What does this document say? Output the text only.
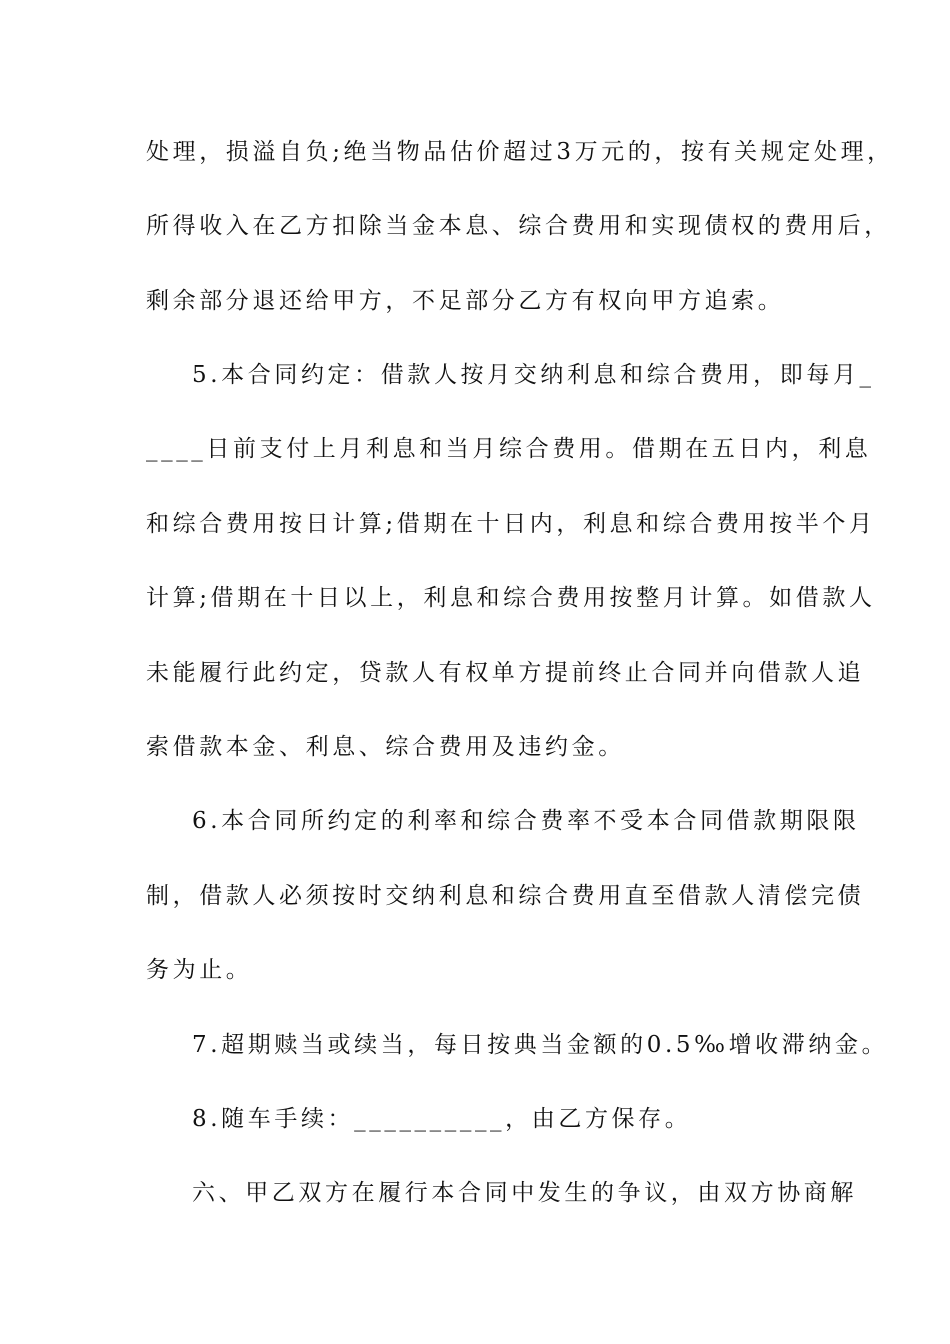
处理，损溢自负;绝当物品估价超过3万元的，按有关规定处理，
所得收入在乙方扣除当金本息、综合费用和实现债权的费用后，
剩余部分退还给甲方，不足部分乙方有权向甲方追索。
5.本合同约定：借款人按月交纳利息和综合费用，即每月_
____日前支付上月利息和当月综合费用。借期在五日内，利息
和综合费用按日计算;借期在十日内，利息和综合费用按半个月
计算;借期在十日以上，利息和综合费用按整月计算。如借款人
未能履行此约定，贷款人有权单方提前终止合同并向借款人追
索借款本金、利息、综合费用及违约金。
6.本合同所约定的利率和综合费率不受本合同借款期限限
制，借款人必须按时交纳利息和综合费用直至借款人清偿完债
务为止。
7.超期赎当或续当，每日按典当金额的0.5‰增收滞纳金。
8.随车手续：__________，由乙方保存。
六、甲乙双方在履行本合同中发生的争议，由双方协商解
